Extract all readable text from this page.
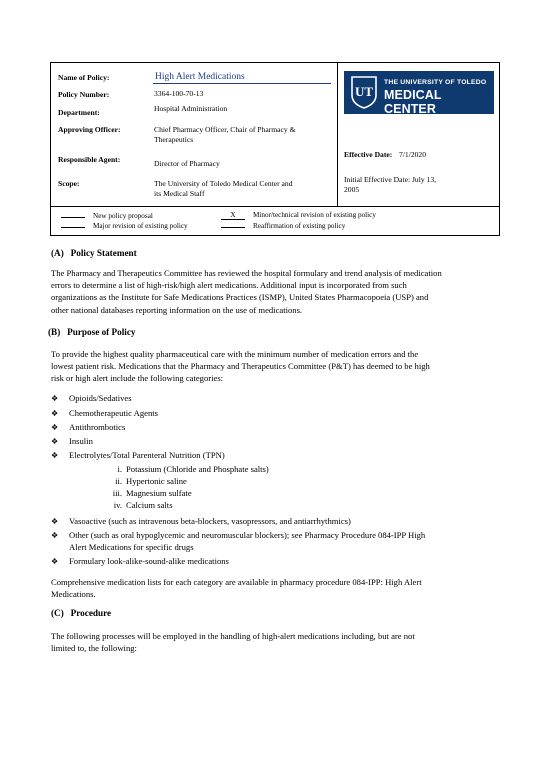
Name of Policy:	High Alert Medications
Policy Number:	3364-100-70-13
Department:	Hospital Administration
Approving Officer:	Chief Pharmacy Officer, Chair of Pharmacy &
Therapeutics
Responsible Agent:	Director of Pharmacy
Scope:	The University of Toledo Medical Center and
its Medical Staff
UT
THE UNIVERSITY OF TOLEDO
MEDICAL CENTER
Effective Date: 7/1/2020
Initial Effective Date: July 13,
2005
New policy proposal
Major revision of existing policy
X Minor/technical revision of existing policy
Reaffirmation of existing policy
(A)   Policy Statement
The Pharmacy and Therapeutics Committee has reviewed the hospital formulary and trend analysis of medication
errors to determine a list of high-risk/high alert medications. Additional input is incorporated from such
organizations as the Institute for Safe Medications Practices (ISMP), United States Pharmacopoeia (USP) and
other national databases reporting information on the use of medications.
(B)   Purpose of Policy
To provide the highest quality pharmaceutical care with the minimum number of medication errors and the
lowest patient risk. Medications that the Pharmacy and Therapeutics Committee (P&T) has deemed to be high
risk or high alert include the following categories:
❖ Opioids/Sedatives
❖ Chemotherapeutic Agents
❖ Antithrombotics
❖ Insulin
❖ Electrolytes/Total Parenteral Nutrition (TPN)
i. Potassium (Chloride and Phosphate salts)
ii. Hypertonic saline
iii. Magnesium sulfate
iv. Calcium salts
❖ Vasoactive (such as intravenous beta-blockers, vasopressors, and antiarrhythmics)
❖ Other (such as oral hypoglycemic and neuromuscular blockers); see Pharmacy Procedure 084-IPP High
Alert Medications for specific drugs
❖ Formulary look-alike-sound-alike medications
Comprehensive medication lists for each category are available in pharmacy procedure 084-IPP: High Alert
Medications.
(C)   Procedure
The following processes will be employed in the handling of high-alert medications including, but are not
limited to, the following:
